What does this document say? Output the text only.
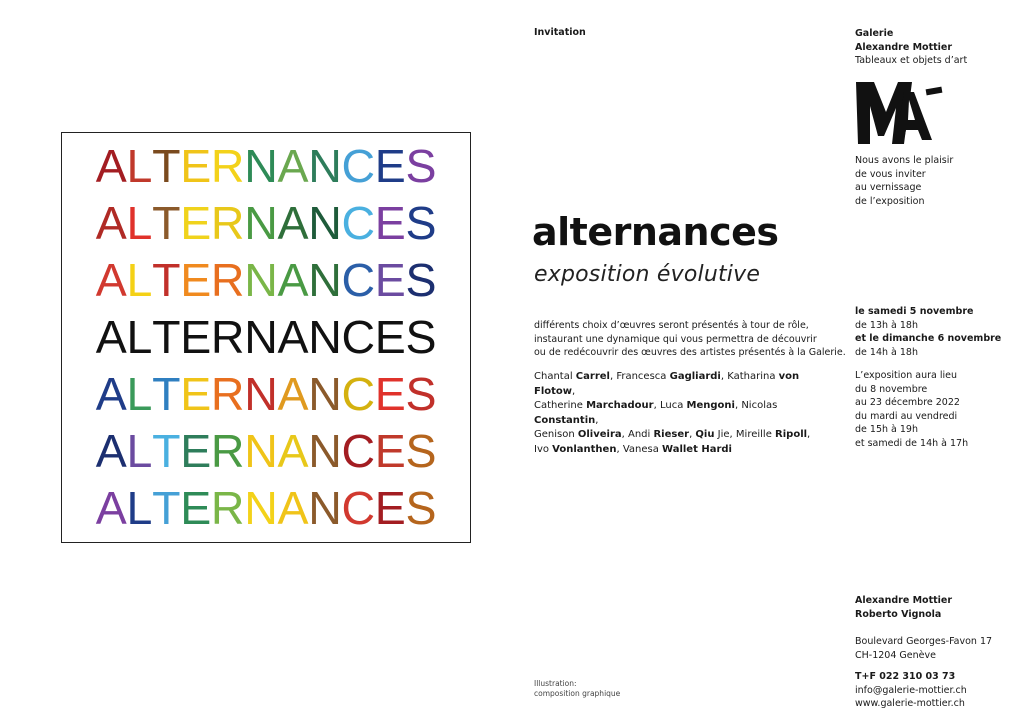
ALTERNANCES
ALTERNANCES
ALTERNANCES
ALTERNANCES
ALTERNANCES
ALTERNANCES
ALTERNANCES
Invitation	Galerie
Alexandre Mottier
Tableaux et objets d’art
Nous avons le plaisir
de vous inviter
au vernissage
de l’exposition
alternances
exposition évolutive
différents choix d’œuvres seront présentés à tour de rôle,
instaurant une dynamique qui vous permettra de découvrir
ou de redécouvrir des œuvres des artistes présentés à la Galerie.
Chantal Carrel, Francesca Gagliardi, Katharina von Flotow,
Catherine Marchadour, Luca Mengoni, Nicolas Constantin,
Genison Oliveira, Andi Rieser, Qiu Jie, Mireille Ripoll,
Ivo Vonlanthen, Vanesa Wallet Hardi
le samedi 5 novembre
de 13h à 18h
et le dimanche 6 novembre
de 14h à 18h
L’exposition aura lieu
du 8 novembre
au 23 décembre 2022
du mardi au vendredi
de 15h à 19h
et samedi de 14h à 17h
Illustration:
composition graphique
Alexandre Mottier
Roberto Vignola
Boulevard Georges-Favon 17
CH-1204 Genève
T+F 022 310 03 73
info@galerie-mottier.ch
www.galerie-mottier.ch
